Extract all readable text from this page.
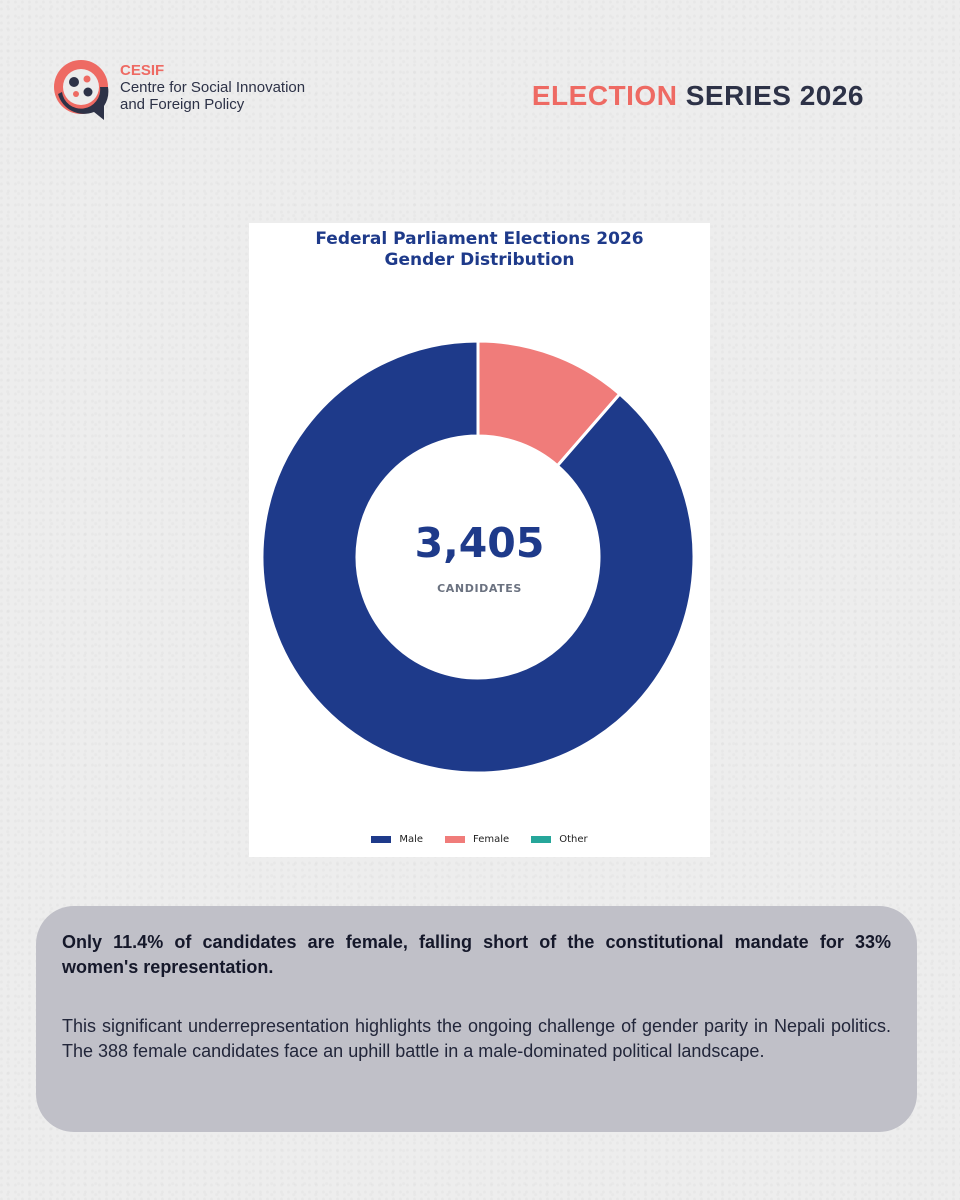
CESIF
Centre for Social Innovation
and Foreign Policy	ELECTION SERIES 2026
Federal Parliament Elections 2026
Gender Distribution
3,405
CANDIDATES
Male	Female	Other
Only 11.4% of candidates are female, falling short of the constitutional mandate for 33% women's representation.
This significant underrepresentation highlights the ongoing challenge of gender parity in Nepali politics. The 388 female candidates face an uphill battle in a male-dominated political landscape.
